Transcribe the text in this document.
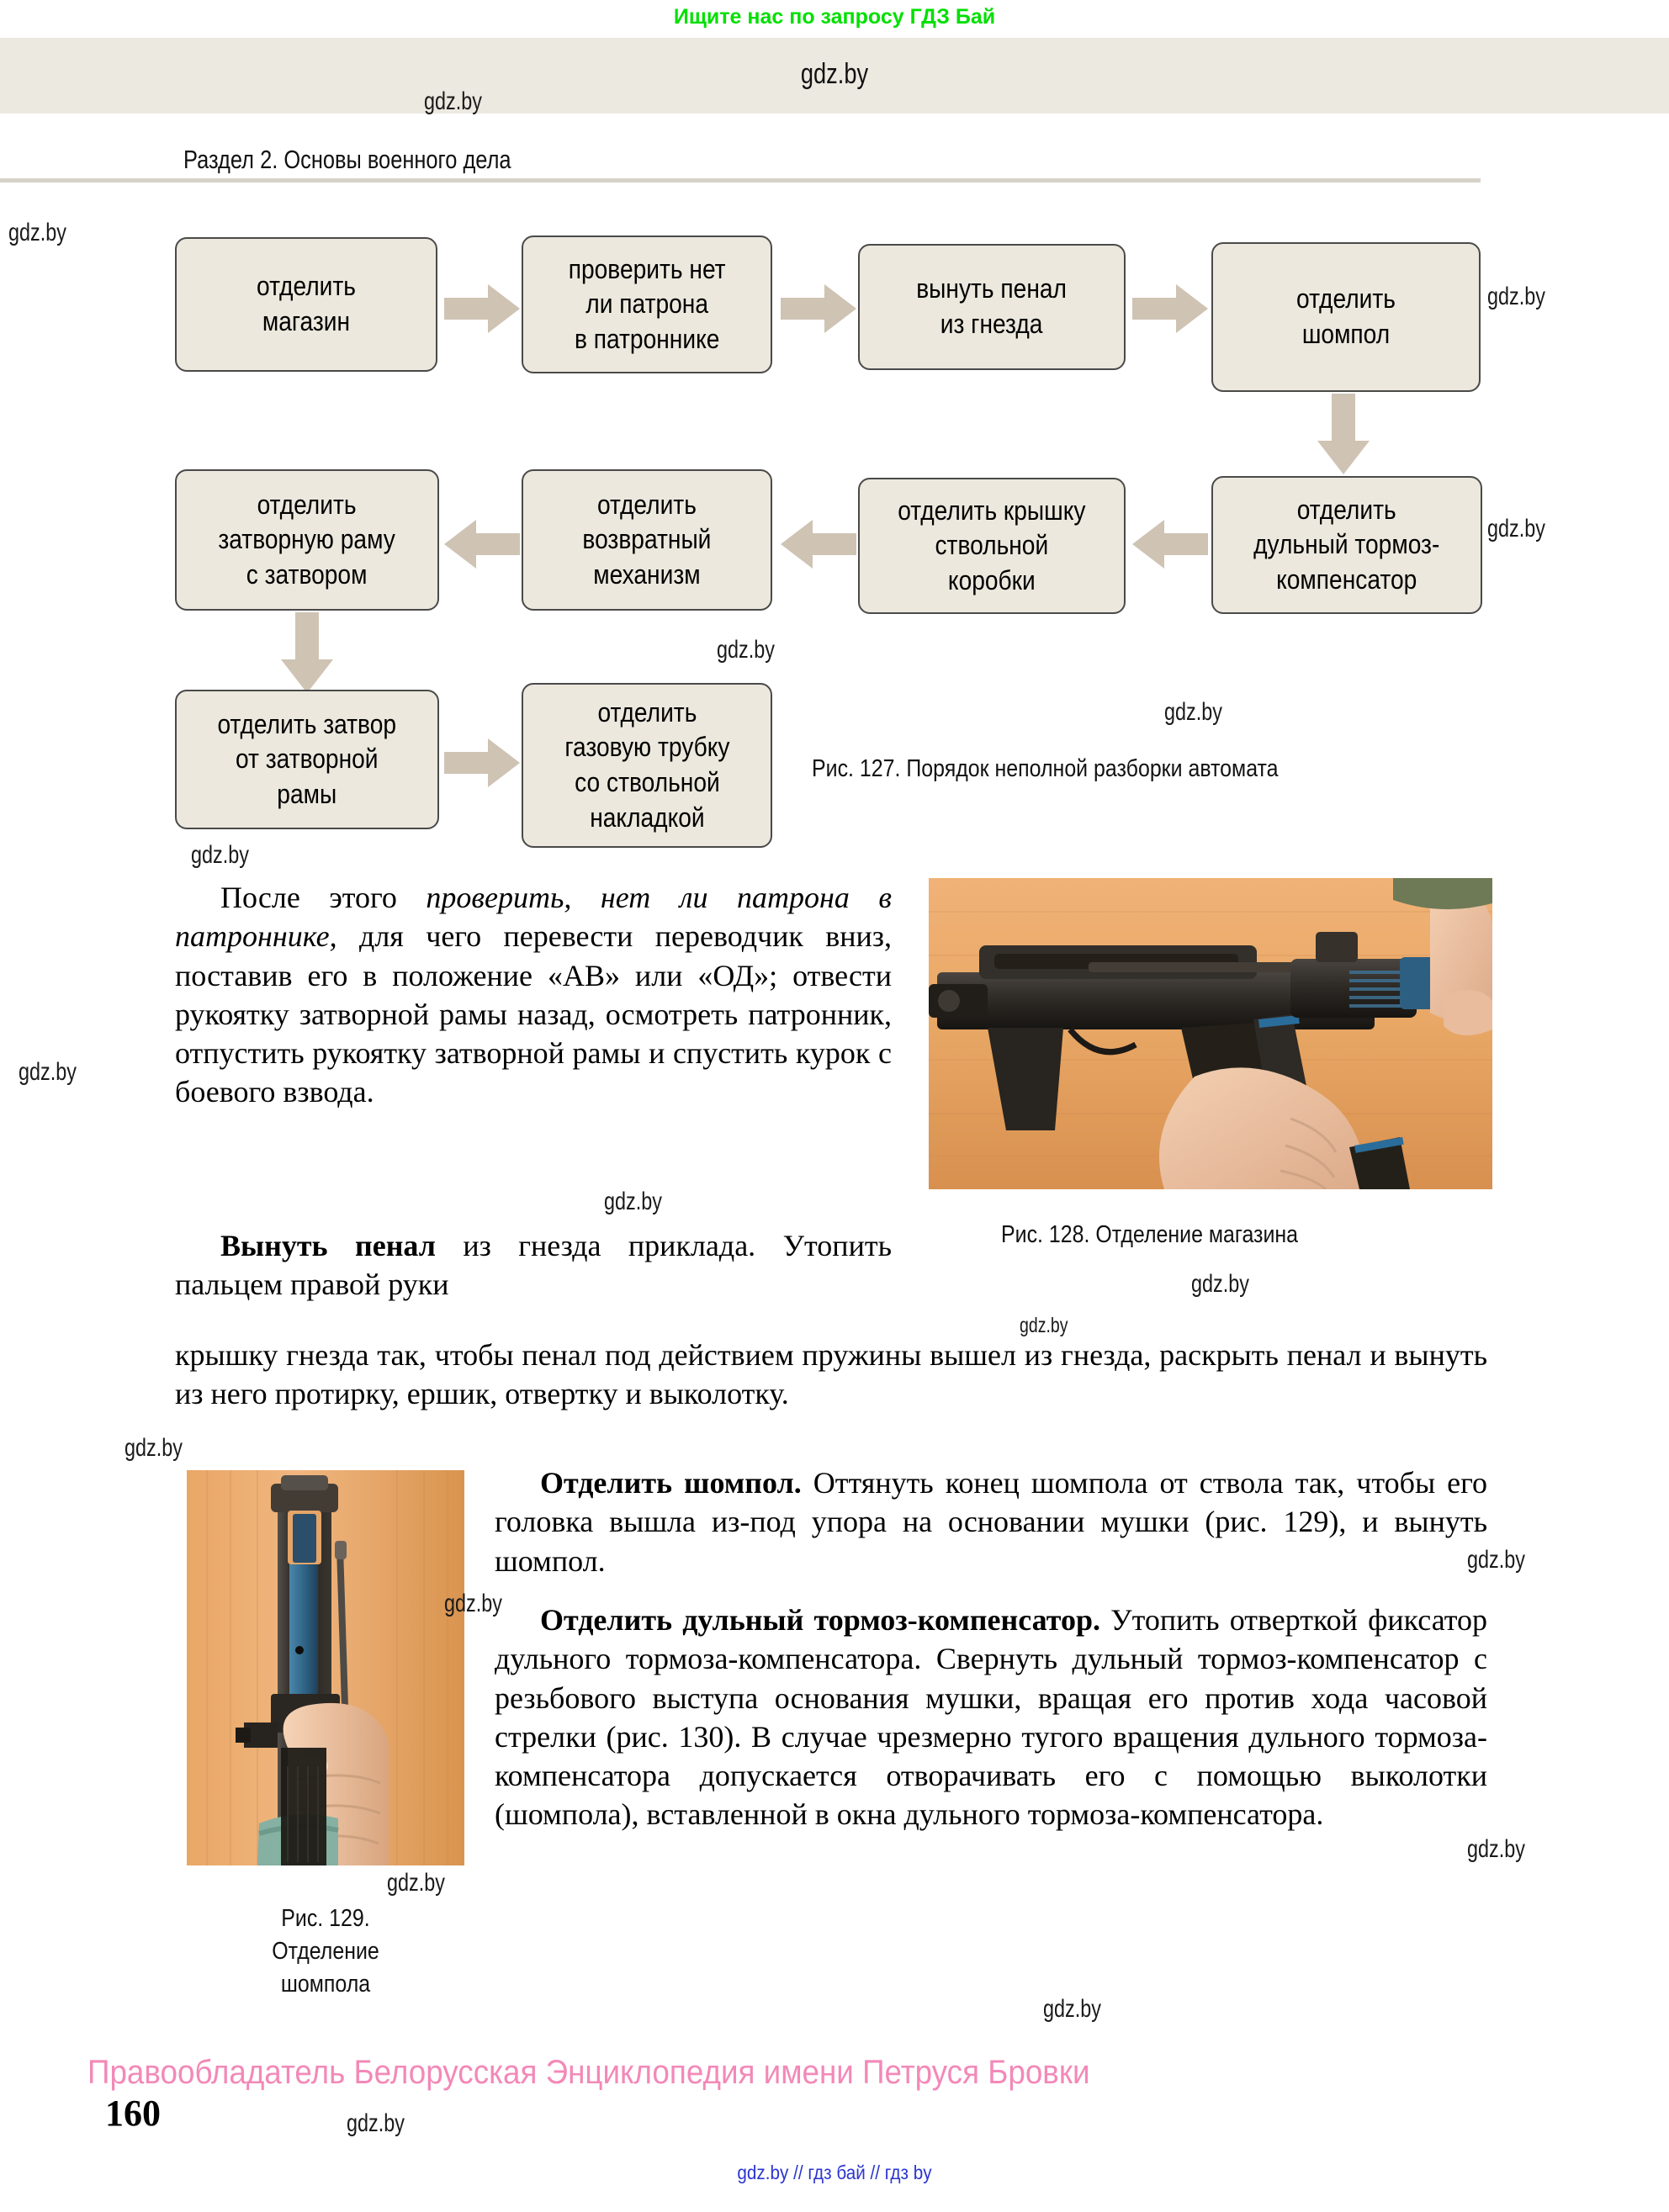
Ищите нас по запросу ГДЗ Бай
gdz.by
gdz.by
Раздел 2. Основы военного дела
отделить
магазин
проверить нет
ли патрона
в патроннике
вынуть пенал
из гнезда
отделить
шомпол
gdz.by
отделить
дульный тормоз-
компенсатор
gdz.by
отделить крышку
ствольной
коробки
отделить
возвратный
механизм
отделить
затворную раму
с затвором
gdz.by
gdz.by
отделить затвор
от затворной
рамы
отделить
газовую трубку
со ствольной
накладкой
Рис. 127. Порядок неполной разборки автомата
gdz.by
После этого проверить, нет ли патрона в патроннике, для чего перевести переводчик вниз, поставив его в положение «АВ» или «ОД»; отвести рукоятку затворной рамы назад, осмотреть патронник, отпустить рукоятку затворной рамы и спустить курок с боевого взвода.
gdz.by
Вынуть пенал из гнезда приклада. Утопить пальцем правой руки
крышку гнезда так, чтобы пенал под действием пружины вышел из гнезда, раскрыть пенал и вынуть из него протирку, ершик, отвертку и выколотку.
Рис. 128. Отделение магазина
gdz.by
gdz.by
gdz.by
gdz.by
gdz.by
Рис. 129.
Отделение
шомпола
gdz.by
gdz.by
Отделить шомпол. Оттянуть конец шомпола от ствола так, чтобы его головка вышла из-под упора на основании мушки (рис. 129), и вынуть шомпол.
Отделить дульный тормоз-компенсатор. Утопить отверткой фиксатор дульного тормоза-компенсатора. Свернуть дульный тормоз-компенсатор с резьбового выступа основания мушки, вращая его против хода часовой стрелки (рис. 130). В случае чрезмерно тугого вращения дульного тормоза-компенсатора допускается отворачивать его с помощью выколотки (шомпола), вставленной в окна дульного тормоза-компенсатора.
gdz.by
gdz.by
gdz.by
Правообладатель Белорусская Энциклопедия имени Петруся Бровки
160	gdz.by
gdz.by // гдз бай // гдз by
